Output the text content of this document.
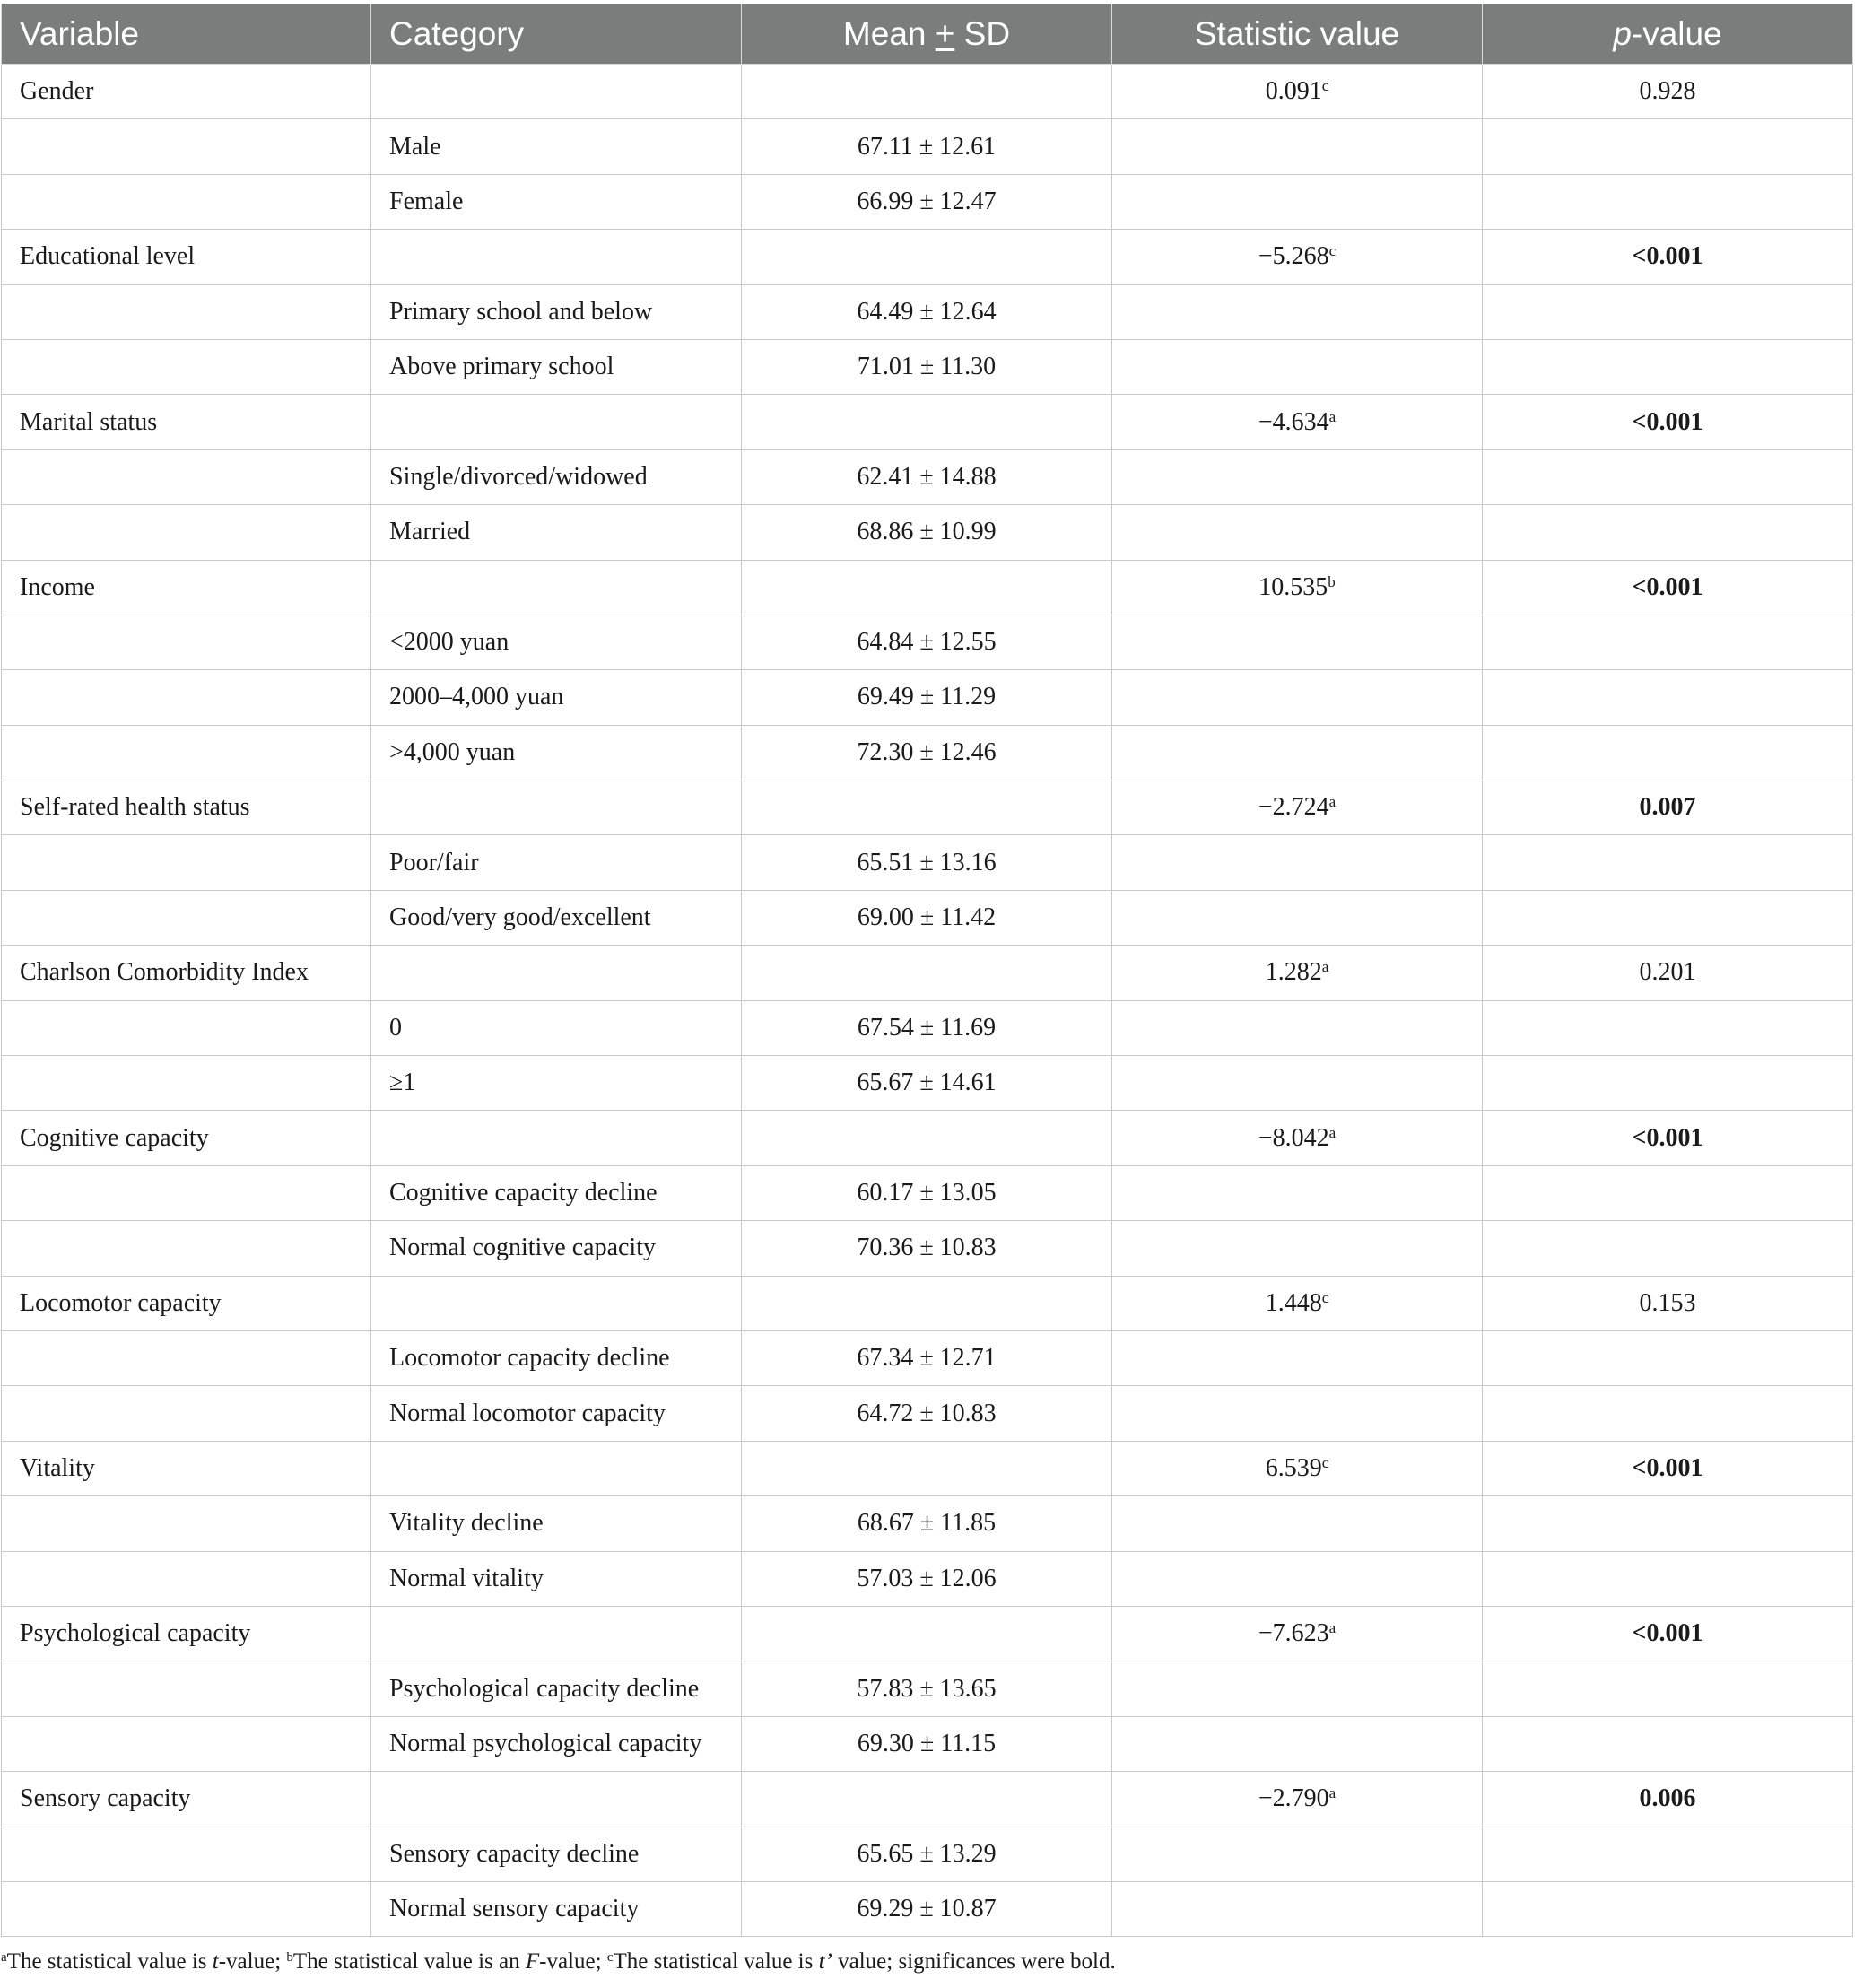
Variable	Category	Mean + SD	Statistic value	p-value
Gender			0.091$^c$	0.928
	Male	67.11 ± 12.61		
	Female	66.99 ± 12.47		
Educational level			−5.268$^c$	<0.001
	Primary school and below	64.49 ± 12.64		
	Above primary school	71.01 ± 11.30		
Marital status			−4.634$^a$	<0.001
	Single/divorced/widowed	62.41 ± 14.88		
	Married	68.86 ± 10.99		
Income			10.535$^b$	<0.001
	<2000 yuan	64.84 ± 12.55		
	2000–4,000 yuan	69.49 ± 11.29		
	>4,000 yuan	72.30 ± 12.46		
Self-rated health status			−2.724$^a$	0.007
	Poor/fair	65.51 ± 13.16		
	Good/very good/excellent	69.00 ± 11.42		
Charlson Comorbidity Index			1.282$^a$	0.201
	0	67.54 ± 11.69		
	≥1	65.67 ± 14.61		
Cognitive capacity			−8.042$^a$	<0.001
	Cognitive capacity decline	60.17 ± 13.05		
	Normal cognitive capacity	70.36 ± 10.83		
Locomotor capacity			1.448$^c$	0.153
	Locomotor capacity decline	67.34 ± 12.71		
	Normal locomotor capacity	64.72 ± 10.83		
Vitality			6.539$^c$	<0.001
	Vitality decline	68.67 ± 11.85		
	Normal vitality	57.03 ± 12.06		
Psychological capacity			−7.623$^a$	<0.001
	Psychological capacity decline	57.83 ± 13.65		
	Normal psychological capacity	69.30 ± 11.15		
Sensory capacity			−2.790$^a$	0.006
	Sensory capacity decline	65.65 ± 13.29		
	Normal sensory capacity	69.29 ± 10.87		
$^a$The statistical value is t-value; $^b$The statistical value is an F-value; $^c$The statistical value is t’ value; significances were bold.
